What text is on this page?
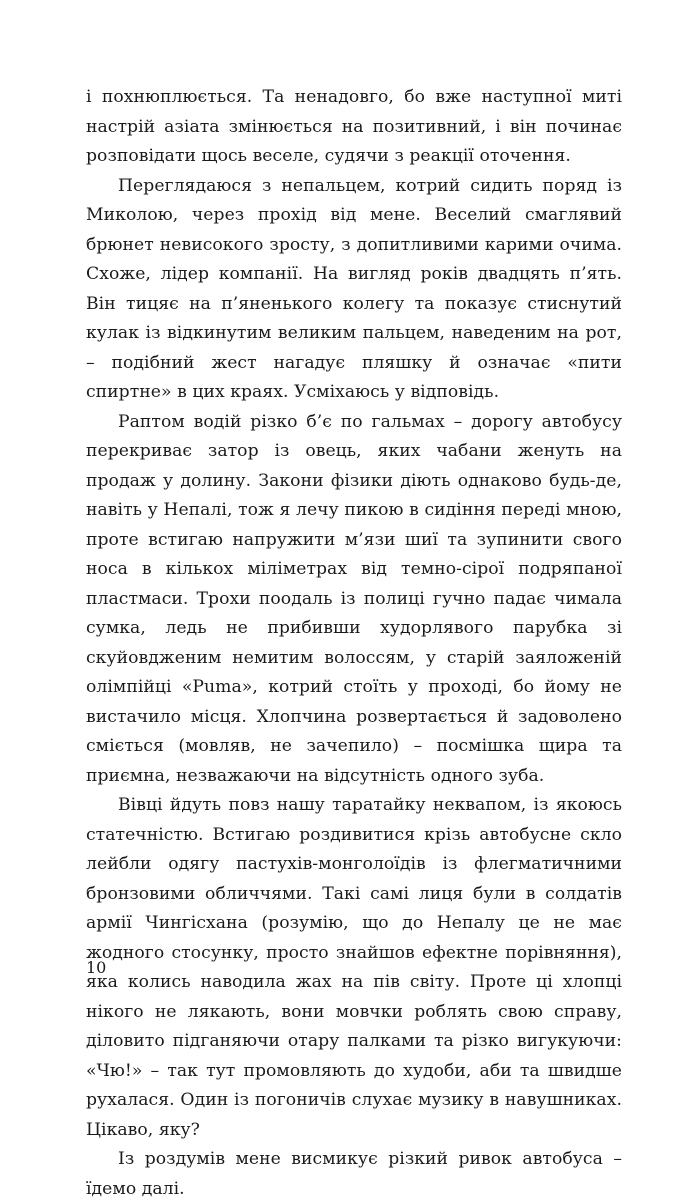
і похнюплюється. Та ненадовго, бо вже наступної миті настрій азіата змінюється на позитивний, і він починає розповідати щось веселе, судячи з реакції оточення.

Переглядаюся з непальцем, котрий сидить поряд із Миколою, через прохід від мене. Веселий смаглявий брюнет невисокого зросту, з допитливими карими очима. Схоже, лідер компанії. На вигляд років двадцять п’ять. Він тицяє на п’яненького колегу та показує стиснутий кулак із відкинутим великим пальцем, наведеним на рот, – подібний жест нагадує пляшку й означає «пити спиртне» в цих краях. Усміхаюсь у відповідь.

Раптом водій різко б’є по гальмах – дорогу автобусу перекриває затор із овець, яких чабани женуть на продаж у долину. Закони фізики діють однаково будь-де, навіть у Непалі, тож я лечу пикою в сидіння переді мною, проте встигаю напружити м’язи шиї та зупинити свого носа в кількох міліметрах від темно-сірої подряпаної пластмаси. Трохи поодаль із полиці гучно падає чимала сумка, ледь не прибивши худорлявого парубка зі скуйовдженим немитим волоссям, у старій заяложеній олімпійці «Puma», котрий стоїть у проході, бо йому не вистачило місця. Хлопчина розвертається й задоволено сміється (мовляв, не зачепило) – посмішка щира та приємна, незважаючи на відсутність одного зуба.

Вівці йдуть повз нашу таратайку неквапом, із якоюсь статечністю. Встигаю роздивитися крізь автобусне скло лейбли одягу пастухів-монголоїдів із флегматичними бронзовими обличчями. Такі самі лиця були в солдатів армії Чингісхана (розумію, що до Непалу це не має жодного стосунку, просто знайшов ефектне порівняння), яка колись наводила жах на пів світу. Проте ці хлопці нікого не лякають, вони мовчки роблять свою справу, діловито підганяючи отару палками та різко вигукуючи: «Чю!» – так тут промовляють до худоби, аби та швидше рухалася. Один із погоничів слухає музику в навушниках. Цікаво, яку?

Із роздумів мене висмикує різкий ривок автобуса – їдемо далі.

10
